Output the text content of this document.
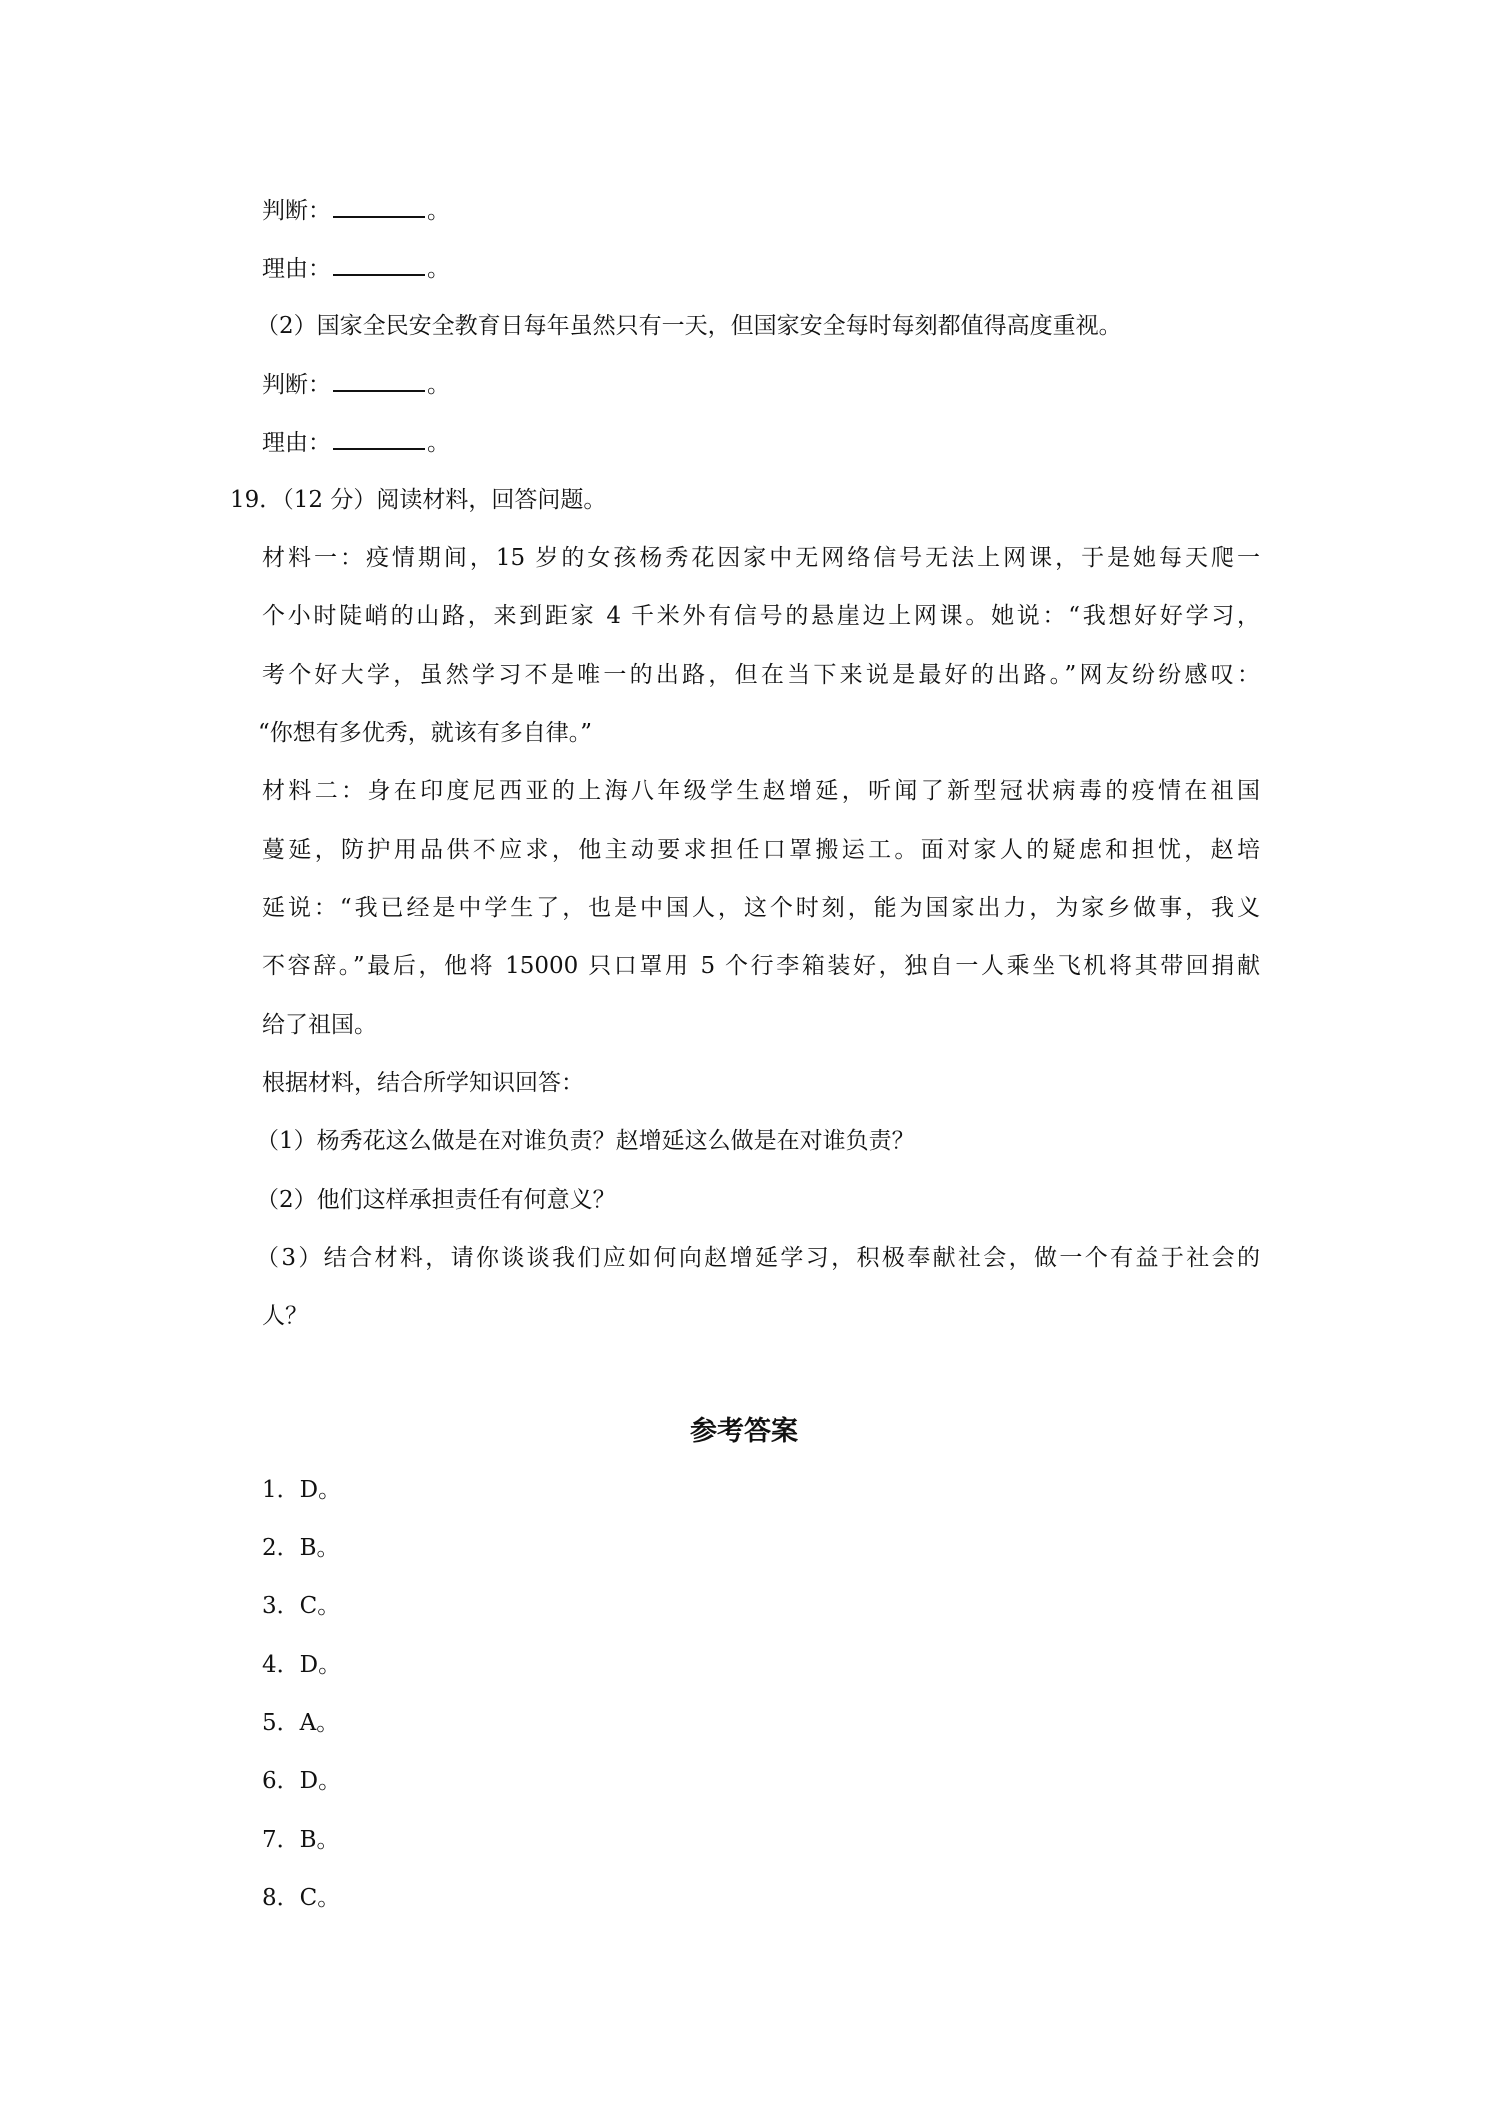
判断：	。

理由：	。

（2）国家全民安全教育日每年虽然只有一天，但国家安全每时每刻都值得高度重视。

判断：	。

理由：	。

19．（12 分）阅读材料，回答问题。

材料一：疫情期间，15 岁的女孩杨秀花因家中无网络信号无法上网课，于是她每天爬一

个小时陡峭的山路，来到距家 4 千米外有信号的悬崖边上网课。她说：“我想好好学习，

考个好大学，虽然学习不是唯一的出路，但在当下来说是最好的出路。”网友纷纷感叹：

“你想有多优秀，就该有多自律。”

材料二：身在印度尼西亚的上海八年级学生赵增延，听闻了新型冠状病毒的疫情在祖国

蔓延，防护用品供不应求，他主动要求担任口罩搬运工。面对家人的疑虑和担忧，赵培

延说：“我已经是中学生了，也是中国人，这个时刻，能为国家出力，为家乡做事，我义

不容辞。”最后，他将 15000 只口罩用 5 个行李箱装好，独自一人乘坐飞机将其带回捐献

给了祖国。

根据材料，结合所学知识回答：

（1）杨秀花这么做是在对谁负责？赵增延这么做是在对谁负责？

（2）他们这样承担责任有何意义？

（3）结合材料，请你谈谈我们应如何向赵增延学习，积极奉献社会，做一个有益于社会的

人？

参考答案

1．D。

2．B。

3．C。

4．D。

5．A。

6．D。

7．B。

8．C。
